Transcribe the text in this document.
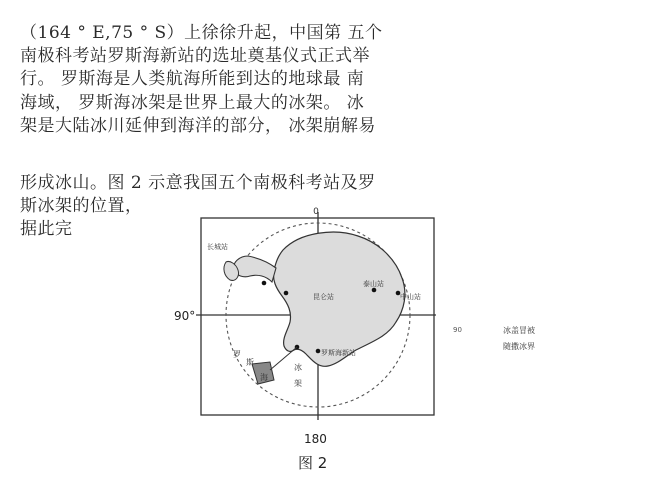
（164 ° E,75 ° S）上徐徐升起，中国第 五个
南极科考站罗斯海新站的选址奠基仪式正式举
行。 罗斯海是人类航海所能到达的地球最 南
海域， 罗斯海冰架是世界上最大的冰架。 冰
架是大陆冰川延伸到海洋的部分， 冰架崩解易
形成冰山。图 2 示意我国五个南极科考站及罗
斯冰架的位置，
据此完
0
90°
90
180
图 2
长城站
昆仑站
泰山站
中山站
罗斯海新站
罗
斯
海
冰
架
冰盖冒被
随撒冰界
